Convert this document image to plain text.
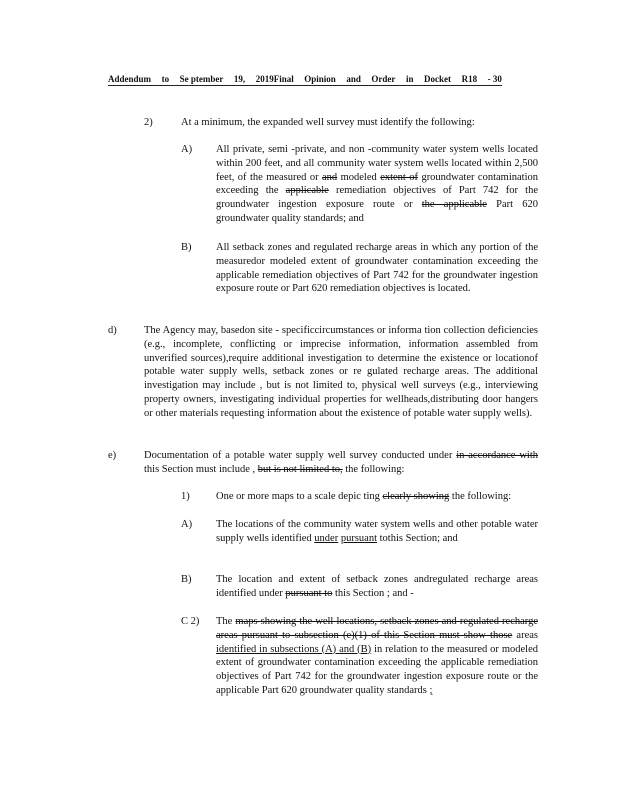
Addendum to Se ptember 19, 2019Final Opinion and Order in Docket R18 - 30
2)	At a minimum, the expanded well survey must identify the following:
A) All private, semi -private, and non -community water system wells located within 200 feet, and all community water system wells located within 2,500 feet, of the measured or and modeled extent of groundwater contamination exceeding the applicable remediation objectives of Part 742 for the groundwater ingestion exposure route or the applicable Part 620 groundwater quality standards; and
B) All setback zones and regulated recharge areas in which any portion of the measuredor modeled extent of groundwater contamination exceeding the applicable remediation objectives of Part 742 for the groundwater ingestion exposure route or Part 620 remediation objectives is located.
d)	The Agency may, basedon site - specificcircumstances or informa tion collection deficiencies (e.g., incomplete, conflicting or imprecise information, information assembled from unverified sources),require additional investigation to determine the existence or locationof potable water supply wells, setback zones or re gulated recharge areas. The additional investigation may include , but is not limited to, physical well surveys (e.g., interviewing property owners, investigating individual properties for wellheads,distributing door hangers or other materials requesting information about the existence of potable water supply wells).
e)	Documentation of a potable water supply well survey conducted under in accordance with this Section must include , but is not limited to, the following:
1)	One or more maps to a scale depic ting clearly showing the following:
A) The locations of the community water system wells and other potable water supply wells identified under pursuant tothis Section; and
B) The location and extent of setback zones andregulated recharge areas identified under pursuant to this Section ; and -
C 2) The maps showing the well locations, setback zones and regulated recharge areas pursuant to subsection (e)(1) of this Section must show those areas identified in subsections (A) and (B) in relation to the measured or modeled extent of groundwater contamination exceeding the applicable remediation objectives of Part 742 for the groundwater ingestion exposure route or the applicable Part 620 groundwater quality standards ;
